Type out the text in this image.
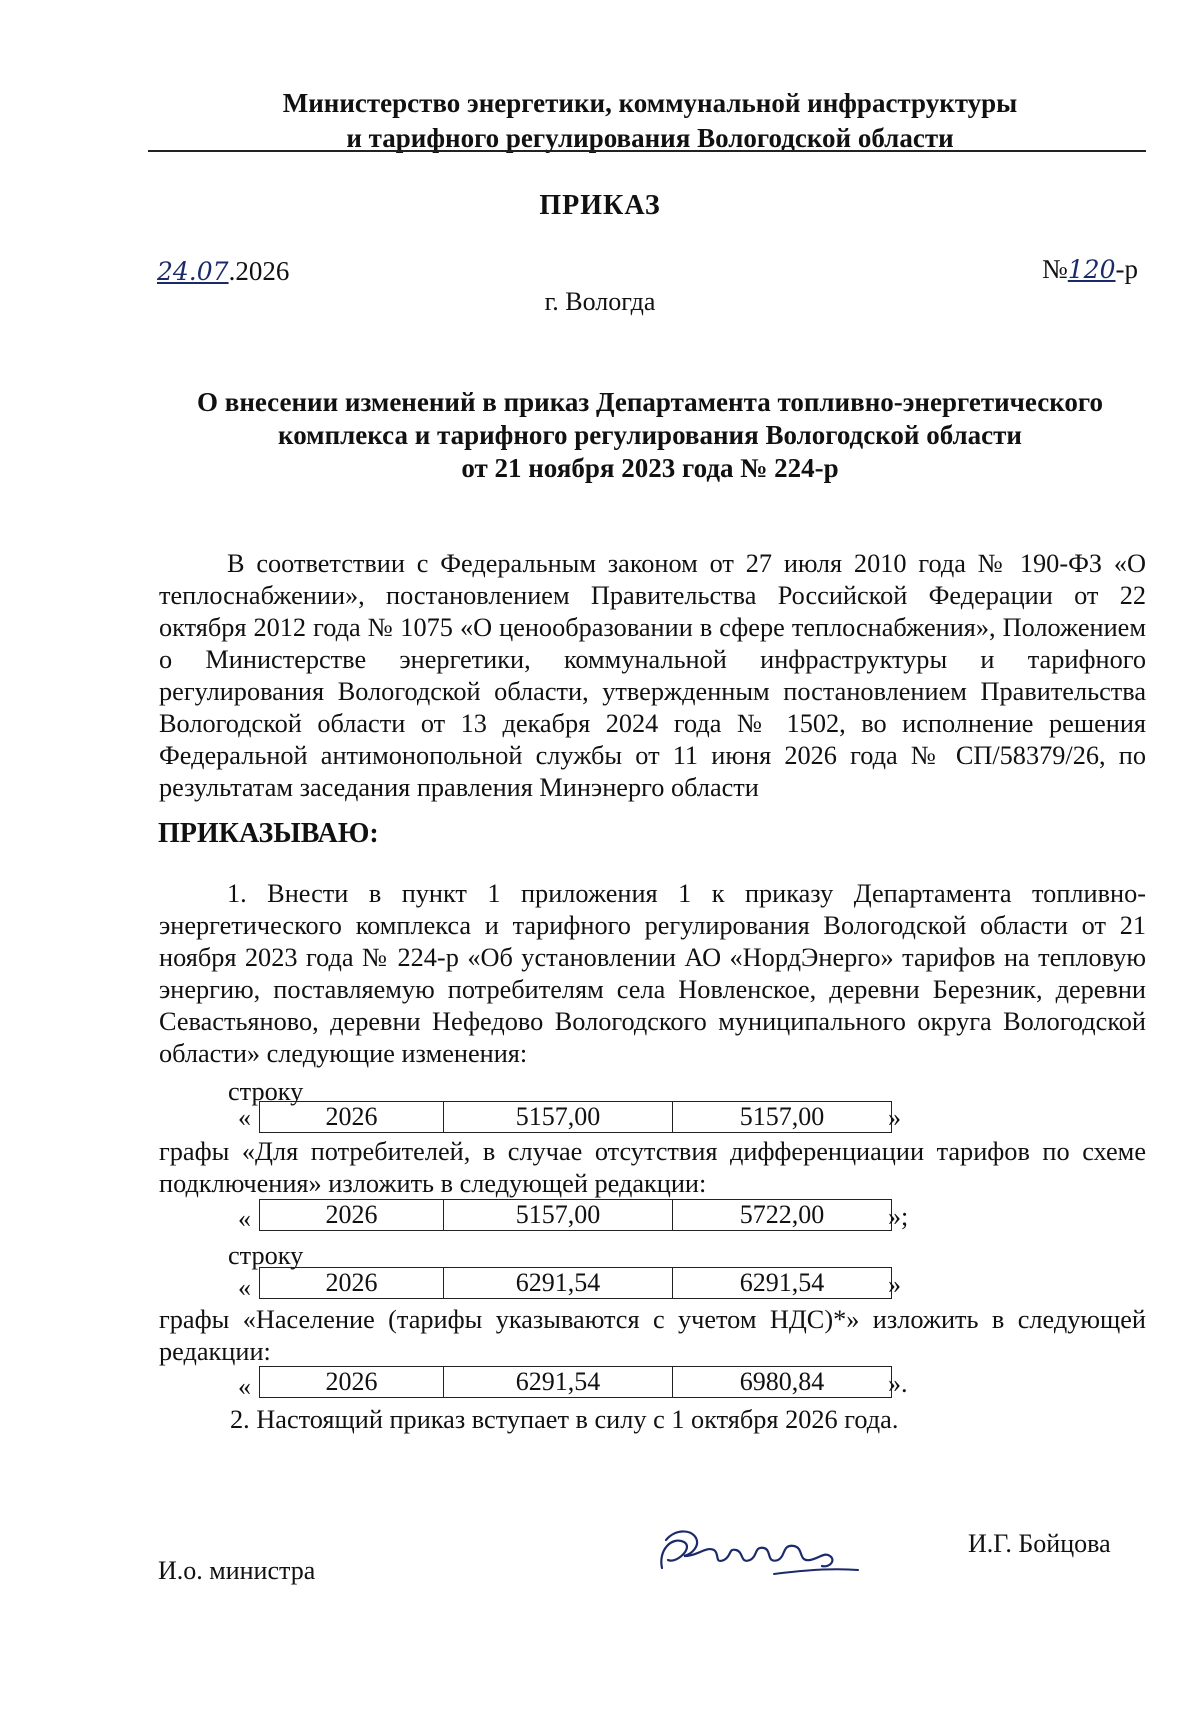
Министерство энергетики, коммунальной инфраструктуры
и тарифного регулирования Вологодской области
ПРИКАЗ
24.07.2026	№120-р
г. Вологда
О внесении изменений в приказ Департамента топливно-энергетического
комплекса и тарифного регулирования Вологодской области
от 21 ноября 2023 года № 224-р
В соответствии с Федеральным законом от 27 июля 2010 года № 190-ФЗ «О теплоснабжении», постановлением Правительства Российской Федерации от 22 октября 2012 года № 1075 «О ценообразовании в сфере теплоснабжения», Положением о Министерстве энергетики, коммунальной инфраструктуры и тарифного регулирования Вологодской области, утвержденным постановлением Правительства Вологодской области от 13 декабря 2024 года № 1502, во исполнение решения Федеральной антимонопольной службы от 11 июня 2026 года № СП/58379/26, по результатам заседания правления Минэнерго области
ПРИКАЗЫВАЮ:
1. Внести в пункт 1 приложения 1 к приказу Департамента топливно-энергетического комплекса и тарифного регулирования Вологодской области от 21 ноября 2023 года № 224-р «Об установлении АО «НордЭнерго» тарифов на тепловую энергию, поставляемую потребителям села Новленское, деревни Березник, деревни Севастьяново, деревни Нефедово Вологодского муниципального округа Вологодской области» следующие изменения:
строку
«	2026	5157,00	5157,00 »
графы «Для потребителей, в случае отсутствия дифференциации тарифов по схеме подключения» изложить в следующей редакции:
«	2026	5157,00	5722,00 »;
строку
«	2026	6291,54	6291,54 »
графы «Население (тарифы указываются с учетом НДС)*» изложить в следующей редакции:
«	2026	6291,54	6980,84 ».
2. Настоящий приказ вступает в силу с 1 октября 2026 года.
И.о. министра
И.Г. Бойцова
